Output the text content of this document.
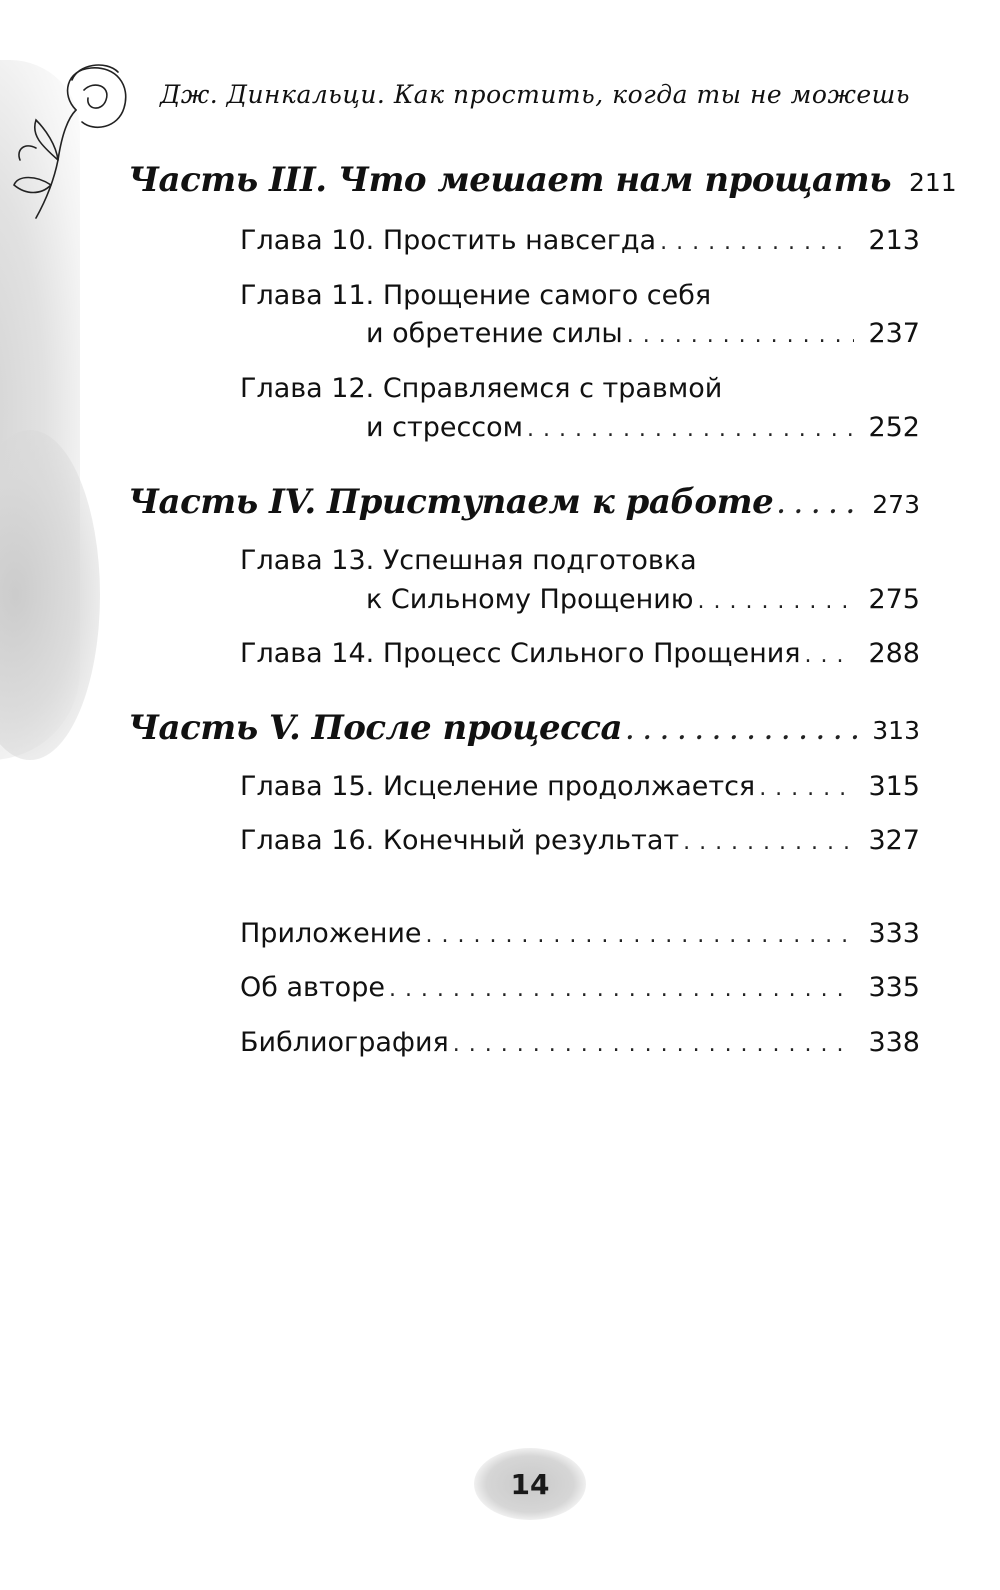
Дж. Динкальци. Как простить, когда ты не можешь
Часть III. Что мешает нам прощать 211
Глава 10. Простить навсегда . . .	213
Глава 11. Прощение самого себя
и обретение силы . . .	237
Глава 12. Справляемся с травмой
и стрессом . . .	252
Часть IV. Приступаем к работе . . .	273
Глава 13. Успешная подготовка
к Сильному Прощению . . .	275
Глава 14. Процесс Сильного Прощения . . .	288
Часть V. После процесса . . .	313
Глава 15. Исцеление продолжается . . .	315
Глава 16. Конечный результат . . .	327
Приложение . . .	333
Об авторе . . .	335
Библиография . . .	338
14
